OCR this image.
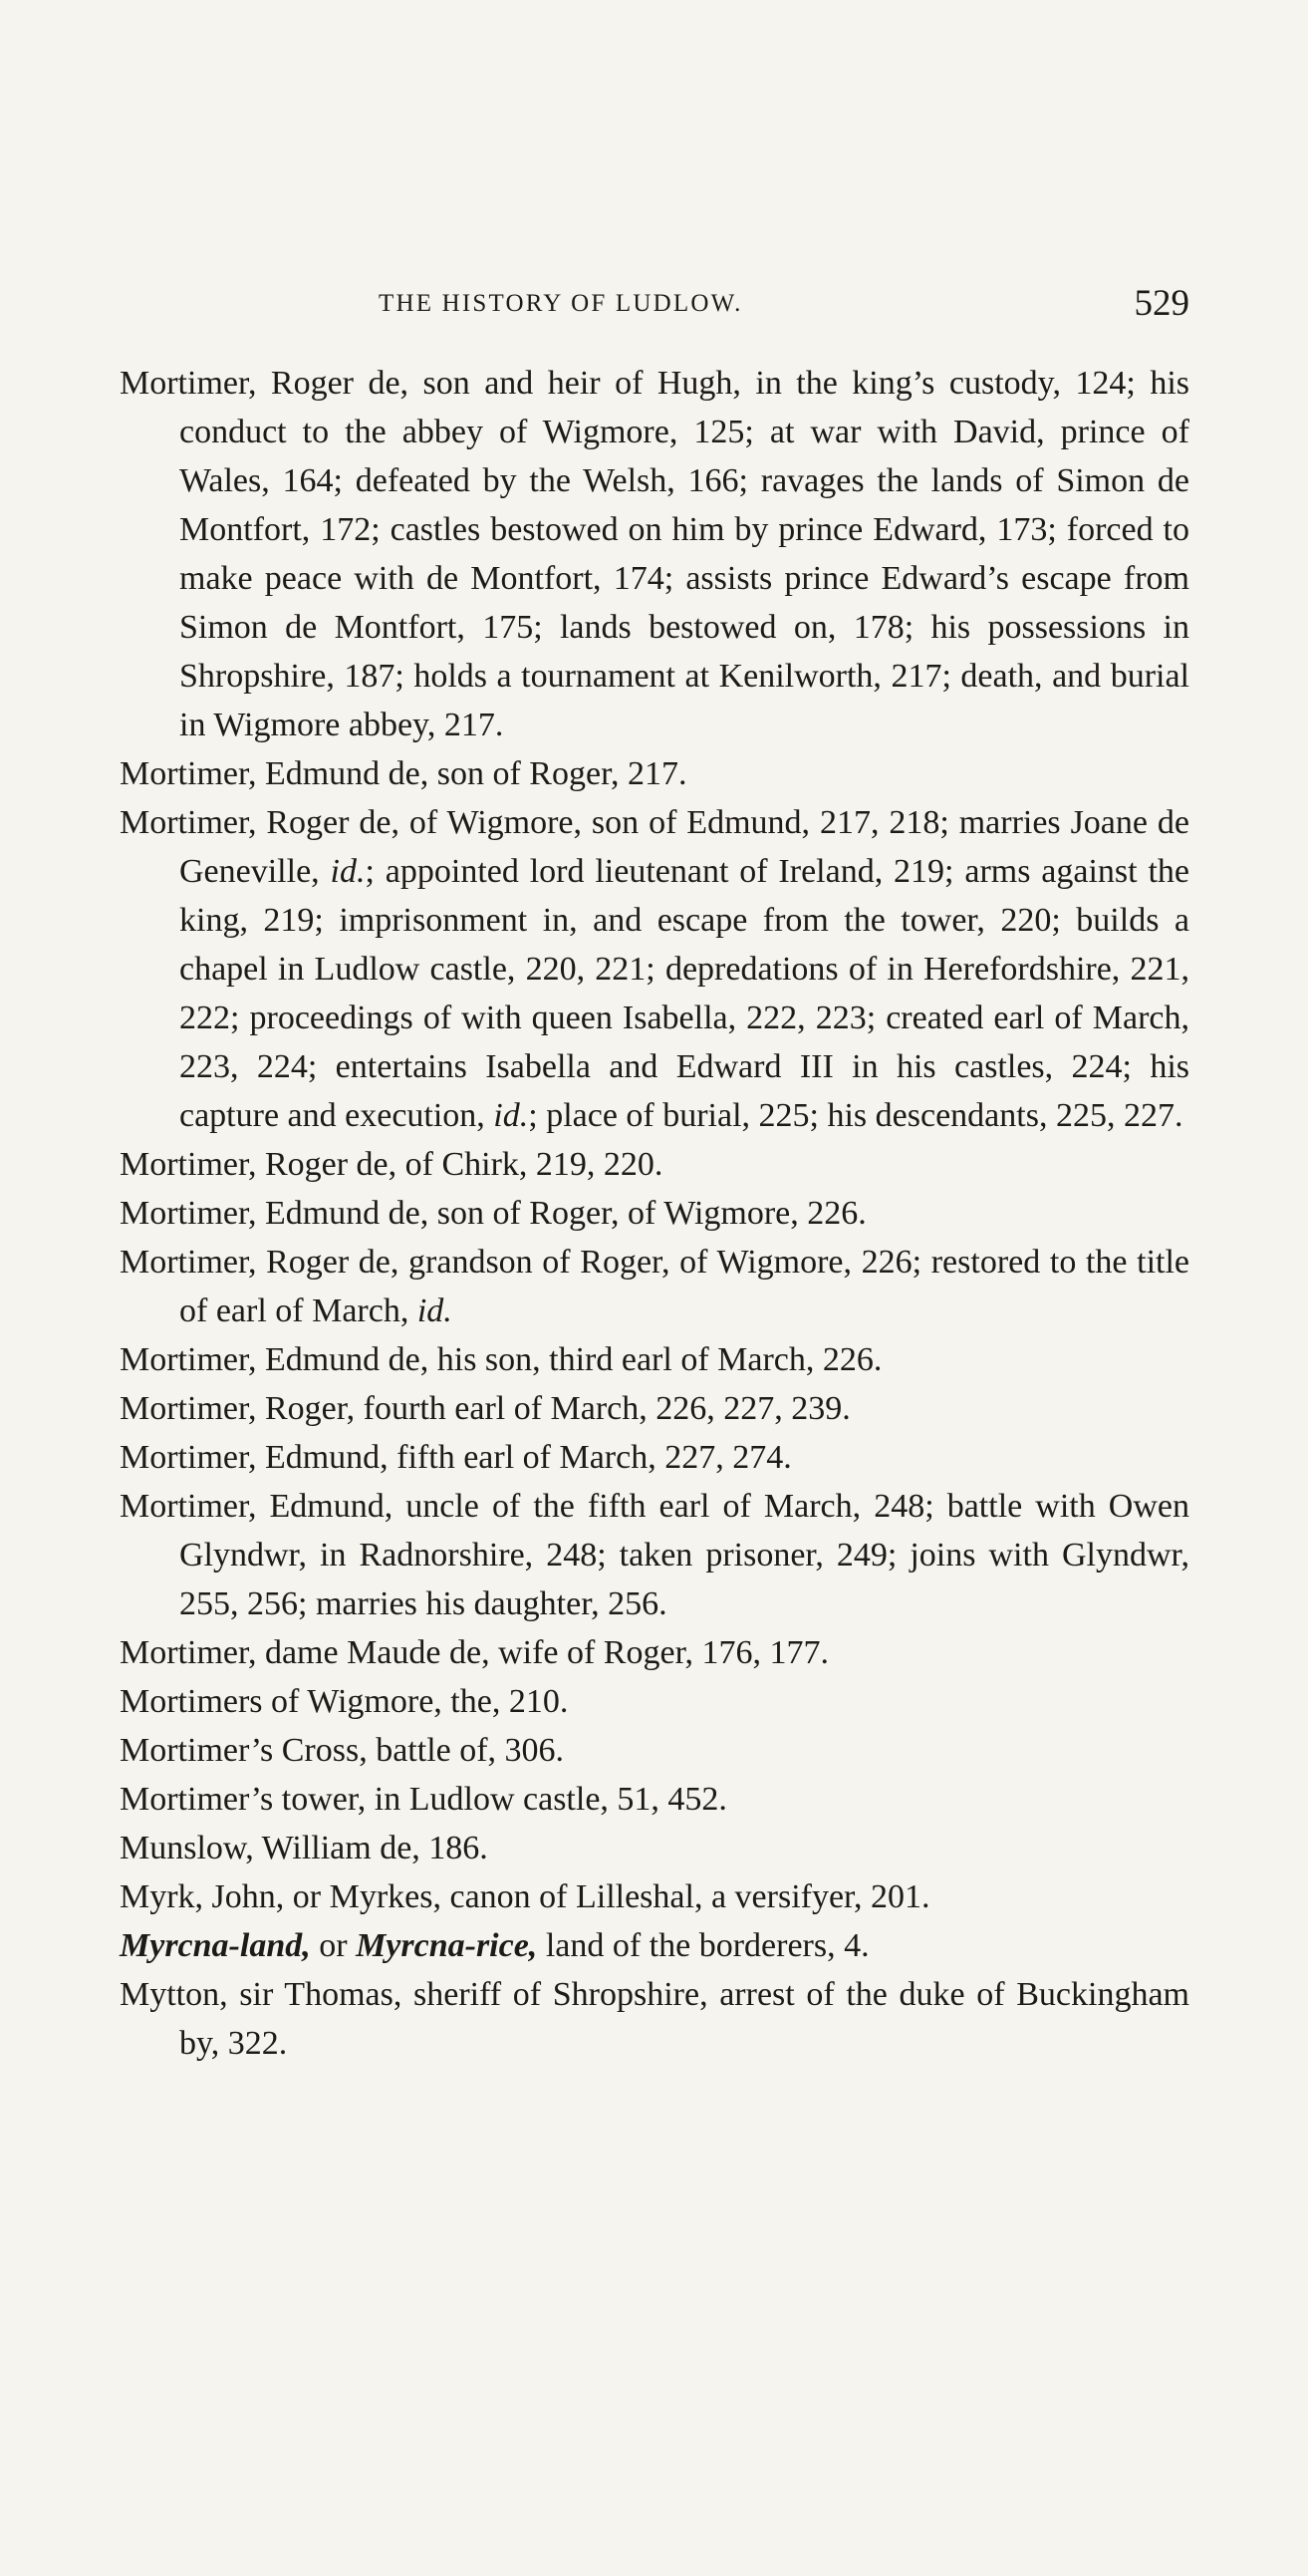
THE HISTORY OF LUDLOW.	529
Mortimer, Roger de, son and heir of Hugh, in the king’s custody, 124; his conduct to the abbey of Wigmore, 125; at war with David, prince of Wales, 164; defeated by the Welsh, 166; ravages the lands of Simon de Montfort, 172; castles bestowed on him by prince Edward, 173; forced to make peace with de Montfort, 174; assists prince Edward’s escape from Simon de Montfort, 175; lands bestowed on, 178; his possessions in Shropshire, 187; holds a tournament at Kenilworth, 217; death, and burial in Wigmore abbey, 217.
Mortimer, Edmund de, son of Roger, 217.
Mortimer, Roger de, of Wigmore, son of Edmund, 217, 218; marries Joane de Geneville, id.; appointed lord lieutenant of Ireland, 219; arms against the king, 219; imprisonment in, and escape from the tower, 220; builds a chapel in Ludlow castle, 220, 221; depredations of in Herefordshire, 221, 222; proceedings of with queen Isabella, 222, 223; created earl of March, 223, 224; entertains Isabella and Edward III in his castles, 224; his capture and execution, id.; place of burial, 225; his descendants, 225, 227.
Mortimer, Roger de, of Chirk, 219, 220.
Mortimer, Edmund de, son of Roger, of Wigmore, 226.
Mortimer, Roger de, grandson of Roger, of Wigmore, 226; restored to the title of earl of March, id.
Mortimer, Edmund de, his son, third earl of March, 226.
Mortimer, Roger, fourth earl of March, 226, 227, 239.
Mortimer, Edmund, fifth earl of March, 227, 274.
Mortimer, Edmund, uncle of the fifth earl of March, 248; battle with Owen Glyndwr, in Radnorshire, 248; taken prisoner, 249; joins with Glyndwr, 255, 256; marries his daughter, 256.
Mortimer, dame Maude de, wife of Roger, 176, 177.
Mortimers of Wigmore, the, 210.
Mortimer’s Cross, battle of, 306.
Mortimer’s tower, in Ludlow castle, 51, 452.
Munslow, William de, 186.
Myrk, John, or Myrkes, canon of Lilleshal, a versifyer, 201.
Myrcna-land, or Myrcna-rice, land of the borderers, 4.
Mytton, sir Thomas, sheriff of Shropshire, arrest of the duke of Buckingham by, 322.
